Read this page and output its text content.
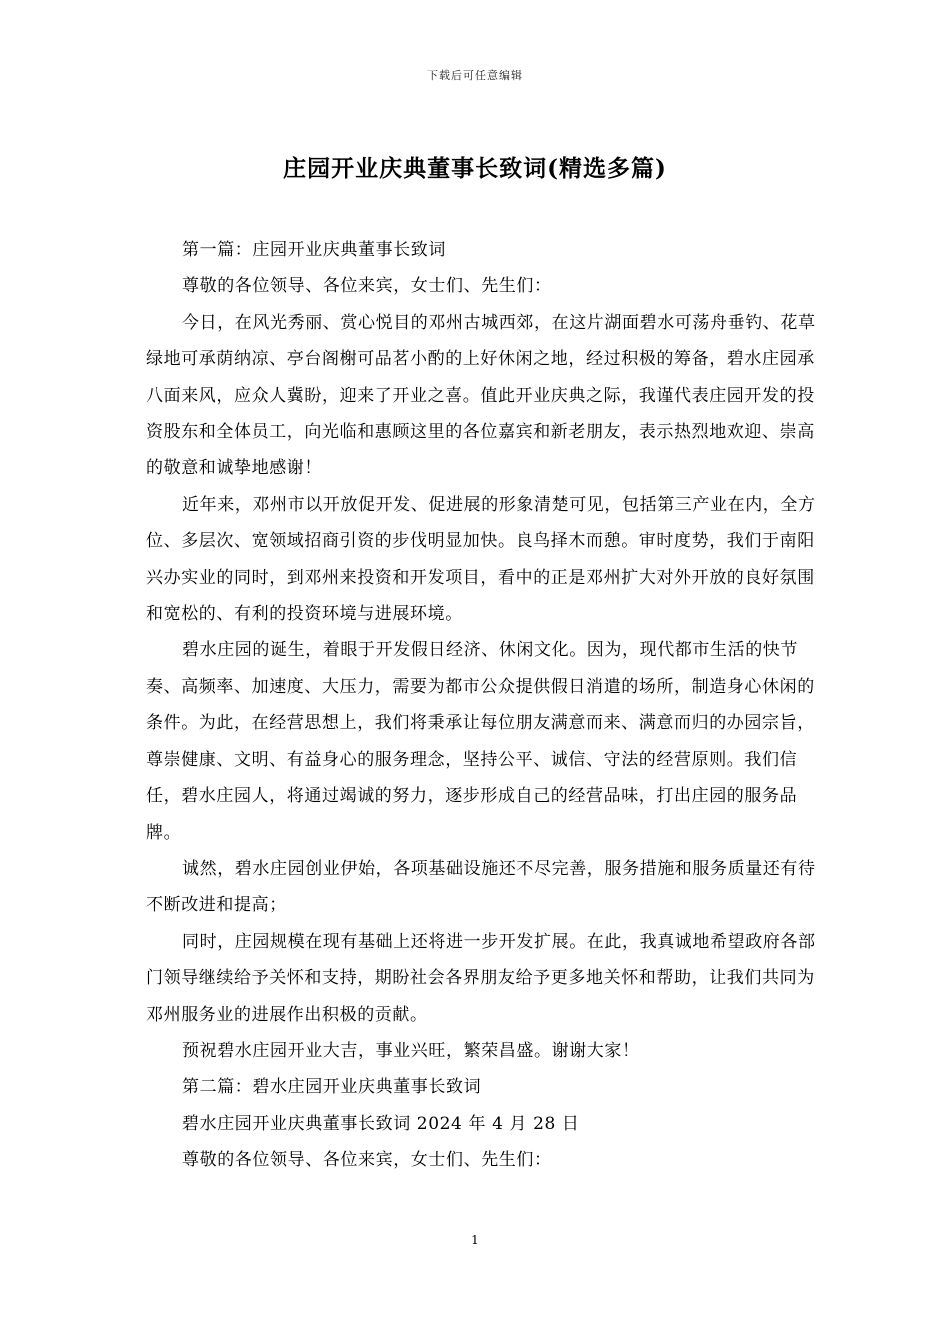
下载后可任意编辑
庄园开业庆典董事长致词(精选多篇)

第一篇：庄园开业庆典董事长致词

尊敬的各位领导、各位来宾，女士们、先生们：

今日，在风光秀丽、赏心悦目的邓州古城西郊，在这片湖面碧水可荡舟垂钓、花草绿地可承荫纳凉、亭台阁榭可品茗小酌的上好休闲之地，经过积极的筹备，碧水庄园承八面来风，应众人冀盼，迎来了开业之喜。值此开业庆典之际，我谨代表庄园开发的投资股东和全体员工，向光临和惠顾这里的各位嘉宾和新老朋友，表示热烈地欢迎、崇高的敬意和诚挚地感谢！

近年来，邓州市以开放促开发、促进展的形象清楚可见，包括第三产业在内，全方位、多层次、宽领域招商引资的步伐明显加快。良鸟择木而憩。审时度势，我们于南阳兴办实业的同时，到邓州来投资和开发项目，看中的正是邓州扩大对外开放的良好氛围和宽松的、有利的投资环境与进展环境。

碧水庄园的诞生，着眼于开发假日经济、休闲文化。因为，现代都市生活的快节奏、高频率、加速度、大压力，需要为都市公众提供假日消遣的场所，制造身心休闲的条件。为此，在经营思想上，我们将秉承让每位朋友满意而来、满意而归的办园宗旨，尊崇健康、文明、有益身心的服务理念，坚持公平、诚信、守法的经营原则。我们信任，碧水庄园人，将通过竭诚的努力，逐步形成自己的经营品味，打出庄园的服务品牌。

诚然，碧水庄园创业伊始，各项基础设施还不尽完善，服务措施和服务质量还有待不断改进和提高；

同时，庄园规模在现有基础上还将进一步开发扩展。在此，我真诚地希望政府各部门领导继续给予关怀和支持，期盼社会各界朋友给予更多地关怀和帮助，让我们共同为邓州服务业的进展作出积极的贡献。

预祝碧水庄园开业大吉，事业兴旺，繁荣昌盛。谢谢大家！

第二篇：碧水庄园开业庆典董事长致词

碧水庄园开业庆典董事长致词 2024 年 4 月 28 日

尊敬的各位领导、各位来宾，女士们、先生们：

1
